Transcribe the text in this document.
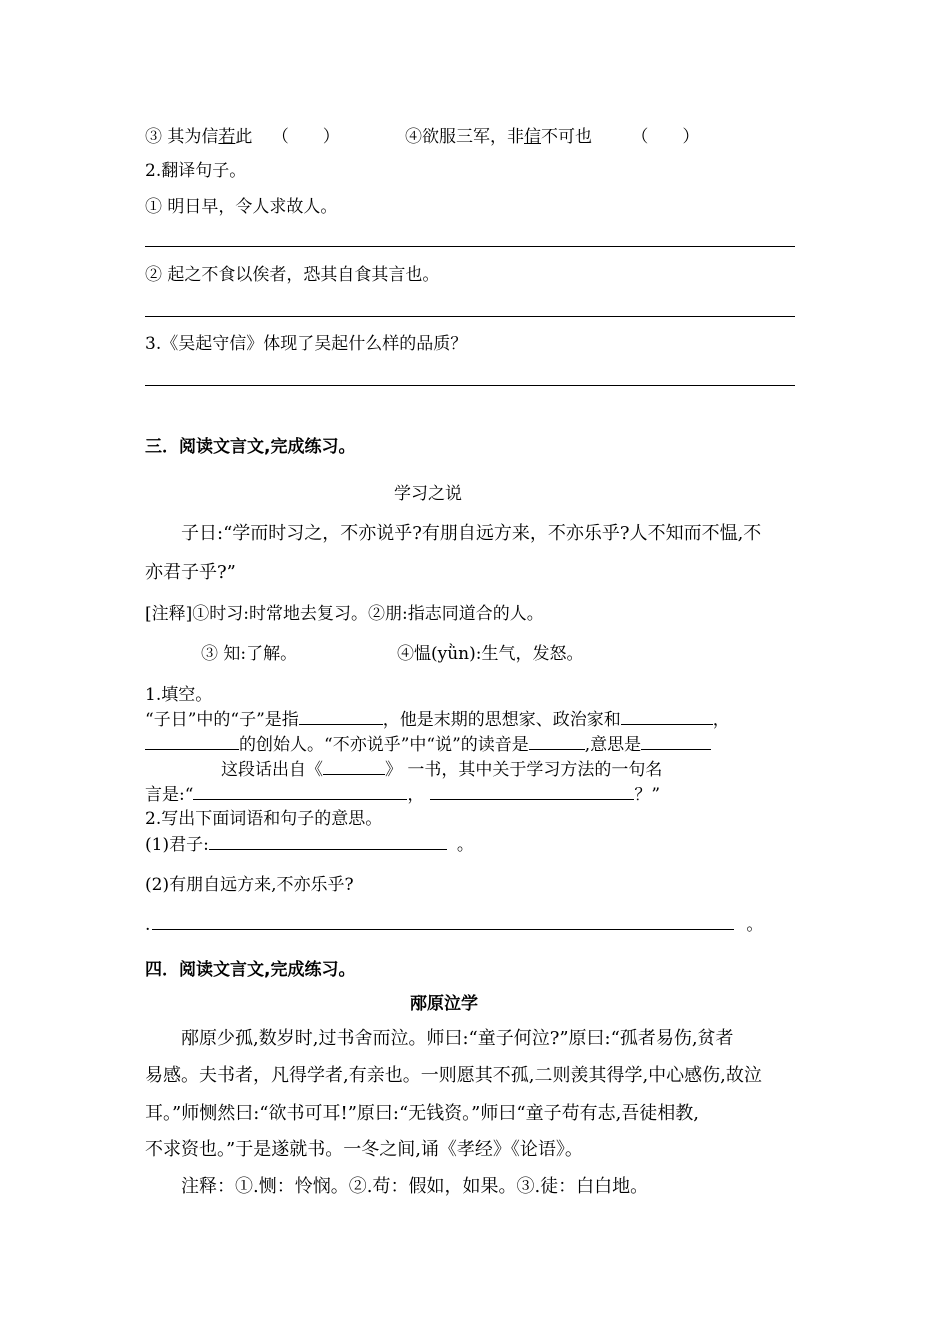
③ 其为信若此 （　　）	④欲服三军，非信不可也 （　　）
2.翻译句子。
① 明日早，令人求故人。
② 起之不食以俟者，恐其自食其言也。
3.《吴起守信》体现了吴起什么样的品质？
三．阅读文言文,完成练习。
学习之说
子日:“学而时习之，不亦说乎?有朋自远方来，不亦乐乎?人不知而不愠,不
亦君子乎?”
[注释]①时习:时常地去复习。②朋:指志同道合的人。
③ 知:了解。	④愠(yǜn):生气，发怒。
1.填空。
“子日”中的“子”是指	，他是末期的思想家、政治家和	，
的创始人。“不亦说乎”中“说”的读音是	,意思是
这段话出自《	》 一书，其中关于学习方法的一句名
言是:“	，	？”
2.写出下面词语和句子的意思。
(1)君子:	。
(2)有朋自远方来,不亦乐乎?
.	。
四．阅读文言文,完成练习。
邴原泣学
邴原少孤,数岁时,过书舍而泣。师曰:“童子何泣?”原曰:“孤者易伤,贫者
易感。夫书者，凡得学者,有亲也。一则愿其不孤,二则羡其得学,中心感伤,故泣
耳。”师恻然曰:“欲书可耳!”原曰:“无钱资。”师曰“童子苟有志,吾徒相教,
不求资也。”于是遂就书。一冬之间,诵《孝经》《论语》。
注释：①.恻：怜悯。②.苟：假如，如果。③.徒：白白地。
